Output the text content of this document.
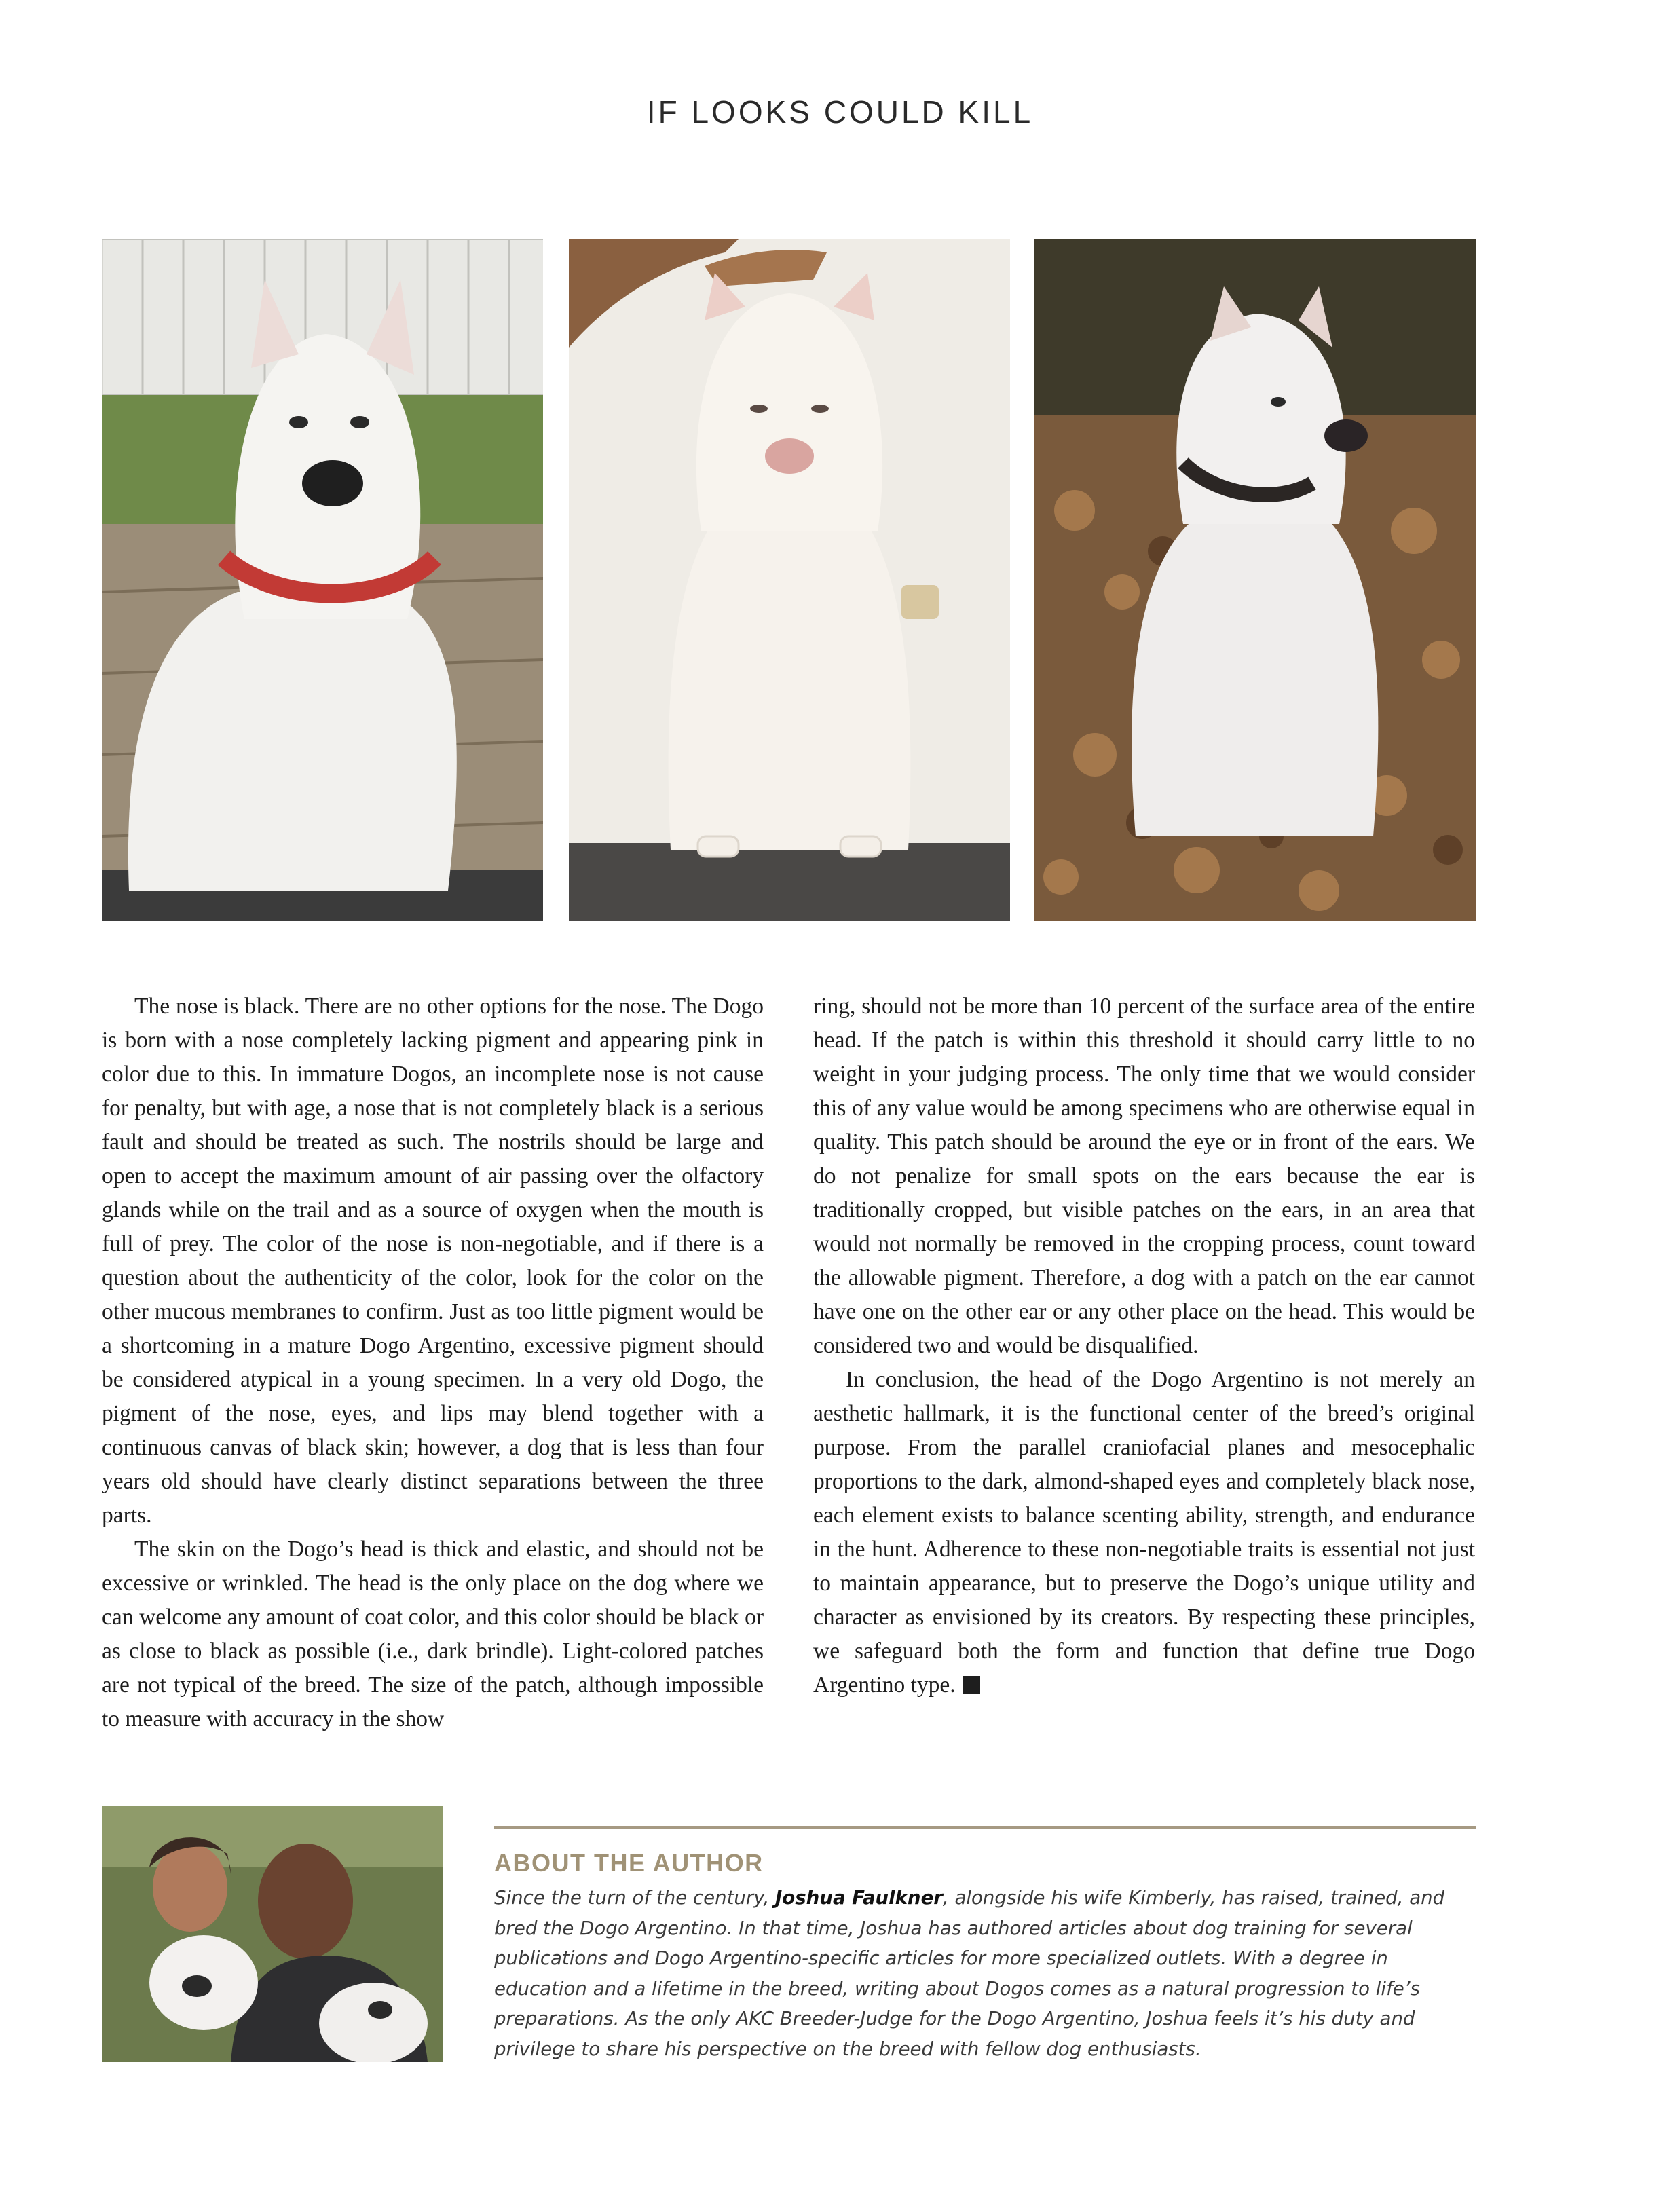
IF LOOKS COULD KILL

The nose is black. There are no other options for the nose. The Dogo is born with a nose completely lacking pigment and appearing pink in color due to this. In immature Dogos, an incomplete nose is not cause for penalty, but with age, a nose that is not completely black is a serious fault and should be treated as such. The nostrils should be large and open to accept the maximum amount of air passing over the olfactory glands while on the trail and as a source of oxygen when the mouth is full of prey. The color of the nose is non-negotiable, and if there is a question about the authenticity of the color, look for the color on the other mucous membranes to confirm. Just as too little pigment would be a shortcoming in a mature Dogo Argentino, excessive pigment should be considered atypical in a young specimen. In a very old Dogo, the pigment of the nose, eyes, and lips may blend together with a continuous canvas of black skin; however, a dog that is less than four years old should have clearly distinct separations between the three parts.

The skin on the Dogo’s head is thick and elastic, and should not be excessive or wrinkled. The head is the only place on the dog where we can welcome any amount of coat color, and this color should be black or as close to black as possible (i.e., dark brindle). Light-colored patches are not typical of the breed. The size of the patch, although impossible to measure with accuracy in the show

ring, should not be more than 10 percent of the surface area of the entire head. If the patch is within this threshold it should carry little to no weight in your judging process. The only time that we would consider this of any value would be among specimens who are otherwise equal in quality. This patch should be around the eye or in front of the ears. We do not penalize for small spots on the ears because the ear is traditionally cropped, but visible patches on the ears, in an area that would not normally be removed in the cropping process, count toward the allowable pigment. Therefore, a dog with a patch on the ear cannot have one on the other ear or any other place on the head. This would be considered two and would be disqualified.

In conclusion, the head of the Dogo Argentino is not merely an aesthetic hallmark, it is the functional center of the breed’s original purpose. From the parallel craniofacial planes and mesocephalic proportions to the dark, almond-shaped eyes and completely black nose, each element exists to balance scenting ability, strength, and endurance in the hunt. Adherence to these non-negotiable traits is essential not just to maintain appearance, but to preserve the Dogo’s unique utility and character as envisioned by its creators. By respecting these principles, we safeguard both the form and function that define true Dogo Argentino type.

ABOUT THE AUTHOR
Since the turn of the century, Joshua Faulkner, alongside his wife Kimberly, has raised, trained, and bred the Dogo Argentino. In that time, Joshua has authored articles about dog training for several publications and Dogo Argentino-specific articles for more specialized outlets. With a degree in education and a lifetime in the breed, writing about Dogos comes as a natural progression to life’s preparations. As the only AKC Breeder-Judge for the Dogo Argentino, Joshua feels it’s his duty and privilege to share his perspective on the breed with fellow dog enthusiasts.
